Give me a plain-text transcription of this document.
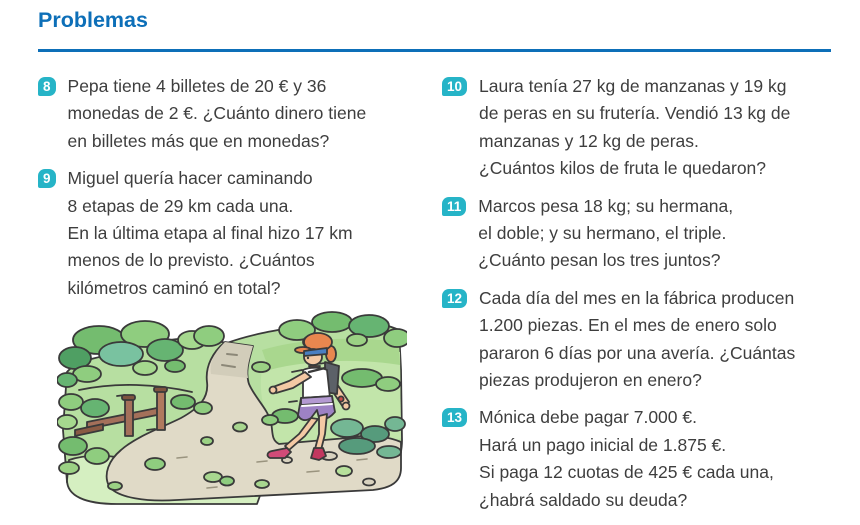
Problemas
8 Pepa tiene 4 billetes de 20 € y 36
monedas de 2 €. ¿Cuánto dinero tiene
en billetes más que en monedas?
9 Miguel quería hacer caminando
8 etapas de 29 km cada una.
En la última etapa al final hizo 17 km
menos de lo previsto. ¿Cuántos
kilómetros caminó en total?
10 Laura tenía 27 kg de manzanas y 19 kg
de peras en su frutería. Vendió 13 kg de
manzanas y 12 kg de peras.
¿Cuántos kilos de fruta le quedaron?
11 Marcos pesa 18 kg; su hermana,
el doble; y su hermano, el triple.
¿Cuánto pesan los tres juntos?
12 Cada día del mes en la fábrica producen
1.200 piezas. En el mes de enero solo
pararon 6 días por una avería. ¿Cuántas
piezas produjeron en enero?
13 Mónica debe pagar 7.000 €.
Hará un pago inicial de 1.875 €.
Si paga 12 cuotas de 425 € cada una,
¿habrá saldado su deuda?
